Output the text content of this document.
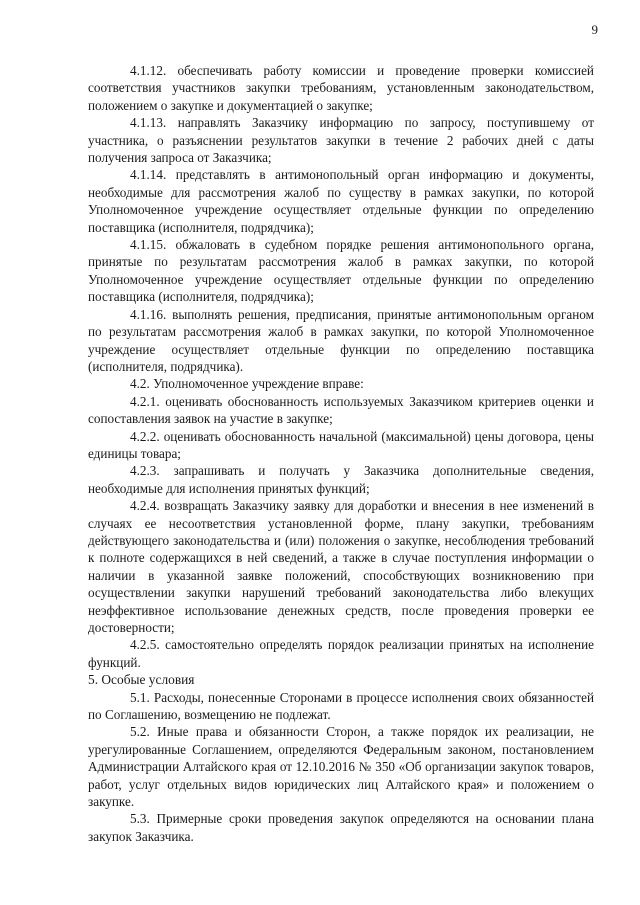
9

4.1.12. обеспечивать работу комиссии и проведение проверки комиссией соответствия участников закупки требованиям, установленным законодательством, положением о закупке и документацией о закупке;

4.1.13. направлять Заказчику информацию по запросу, поступившему от участника, о разъяснении результатов закупки в течение 2 рабочих дней с даты получения запроса от Заказчика;

4.1.14. представлять в антимонопольный орган информацию и документы, необходимые для рассмотрения жалоб по существу в рамках закупки, по которой Уполномоченное учреждение осуществляет отдельные функции по определению поставщика (исполнителя, подрядчика);

4.1.15. обжаловать в судебном порядке решения антимонопольного органа, принятые по результатам рассмотрения жалоб в рамках закупки, по которой Уполномоченное учреждение осуществляет отдельные функции по определению поставщика (исполнителя, подрядчика);

4.1.16. выполнять решения, предписания, принятые антимонопольным органом по результатам рассмотрения жалоб в рамках закупки, по которой Уполномоченное учреждение осуществляет отдельные функции по определению поставщика (исполнителя, подрядчика).

4.2. Уполномоченное учреждение вправе:

4.2.1. оценивать обоснованность используемых Заказчиком критериев оценки и сопоставления заявок на участие в закупке;

4.2.2. оценивать обоснованность начальной (максимальной) цены договора, цены единицы товара;

4.2.3. запрашивать и получать у Заказчика дополнительные сведения, необходимые для исполнения принятых функций;

4.2.4. возвращать Заказчику заявку для доработки и внесения в нее изменений в случаях ее несоответствия установленной форме, плану закупки, требованиям действующего законодательства и (или) положения о закупке, несоблюдения требований к полноте содержащихся в ней сведений, а также в случае поступления информации о наличии в указанной заявке положений, способствующих возникновению при осуществлении закупки нарушений требований законодательства либо влекущих неэффективное использование денежных средств, после проведения проверки ее достоверности;

4.2.5. самостоятельно определять порядок реализации принятых на исполнение функций.

5. Особые условия

5.1. Расходы, понесенные Сторонами в процессе исполнения своих обязанностей по Соглашению, возмещению не подлежат.

5.2. Иные права и обязанности Сторон, а также порядок их реализации, не урегулированные Соглашением, определяются Федеральным законом, постановлением Администрации Алтайского края от 12.10.2016 № 350 «Об организации закупок товаров, работ, услуг отдельных видов юридических лиц Алтайского края» и положением о закупке.

5.3. Примерные сроки проведения закупок определяются на основании плана закупок Заказчика.
